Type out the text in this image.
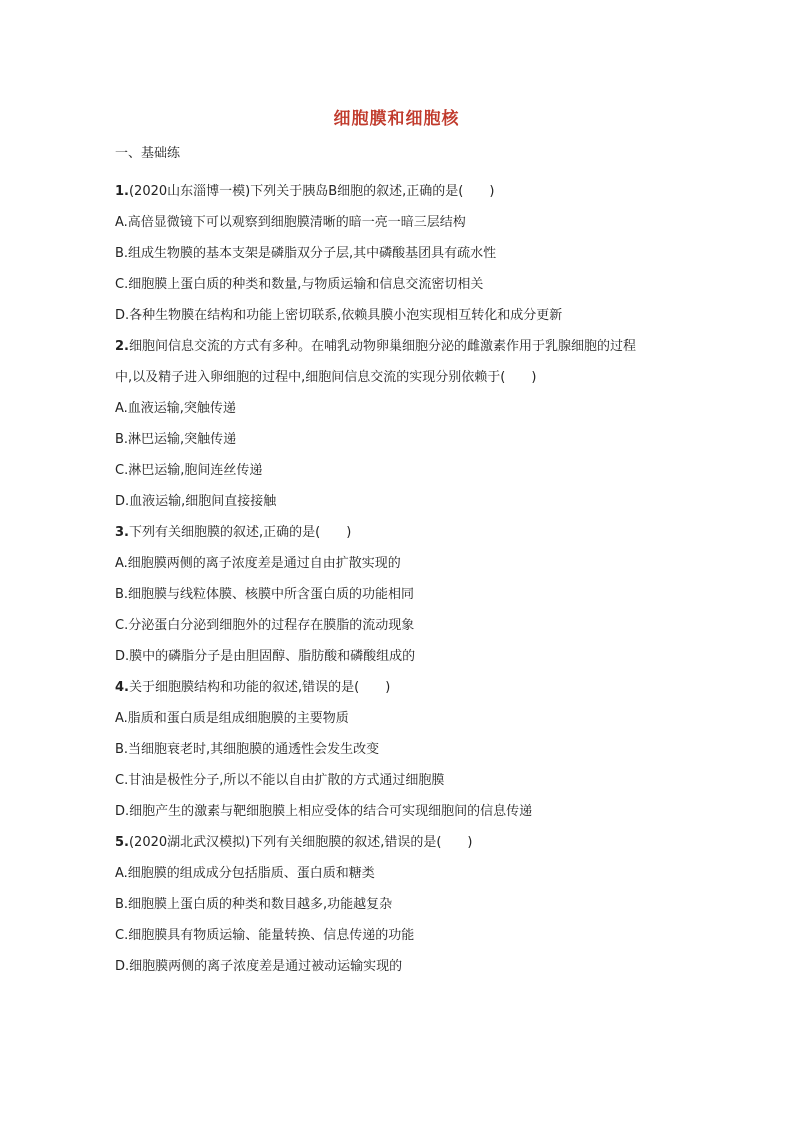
细胞膜和细胞核
一、基础练
1.(2020山东淄博一模)下列关于胰岛B细胞的叙述,正确的是(　　)
A.高倍显微镜下可以观察到细胞膜清晰的暗一亮一暗三层结构
B.组成生物膜的基本支架是磷脂双分子层,其中磷酸基团具有疏水性
C.细胞膜上蛋白质的种类和数量,与物质运输和信息交流密切相关
D.各种生物膜在结构和功能上密切联系,依赖具膜小泡实现相互转化和成分更新
2.细胞间信息交流的方式有多种。在哺乳动物卵巢细胞分泌的雌激素作用于乳腺细胞的过程
中,以及精子进入卵细胞的过程中,细胞间信息交流的实现分别依赖于(　　)
A.血液运输,突触传递
B.淋巴运输,突触传递
C.淋巴运输,胞间连丝传递
D.血液运输,细胞间直接接触
3.下列有关细胞膜的叙述,正确的是(　　)
A.细胞膜两侧的离子浓度差是通过自由扩散实现的
B.细胞膜与线粒体膜、核膜中所含蛋白质的功能相同
C.分泌蛋白分泌到细胞外的过程存在膜脂的流动现象
D.膜中的磷脂分子是由胆固醇、脂肪酸和磷酸组成的
4.关于细胞膜结构和功能的叙述,错误的是(　　)
A.脂质和蛋白质是组成细胞膜的主要物质
B.当细胞衰老时,其细胞膜的通透性会发生改变
C.甘油是极性分子,所以不能以自由扩散的方式通过细胞膜
D.细胞产生的激素与靶细胞膜上相应受体的结合可实现细胞间的信息传递
5.(2020湖北武汉模拟)下列有关细胞膜的叙述,错误的是(　　)
A.细胞膜的组成成分包括脂质、蛋白质和糖类
B.细胞膜上蛋白质的种类和数目越多,功能越复杂
C.细胞膜具有物质运输、能量转换、信息传递的功能
D.细胞膜两侧的离子浓度差是通过被动运输实现的
